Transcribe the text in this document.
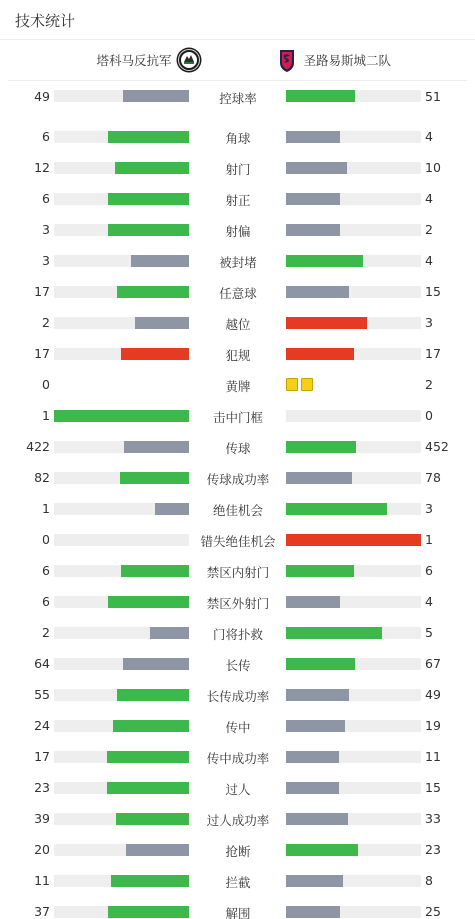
技术统计
塔科马反抗军	圣路易斯城二队
49	控球率	51
6	角球	4
12	射门	10
6	射正	4
3	射偏	2
3	被封堵	4
17	任意球	15
2	越位	3
17	犯规	17
0	黄牌	2
1	击中门框	0
422	传球	452
82	传球成功率	78
1	绝佳机会	3
0	错失绝佳机会	1
6	禁区内射门	6
6	禁区外射门	4
2	门将扑救	5
64	长传	67
55	长传成功率	49
24	传中	19
17	传中成功率	11
23	过人	15
39	过人成功率	33
20	抢断	23
11	拦截	8
37	解围	25
